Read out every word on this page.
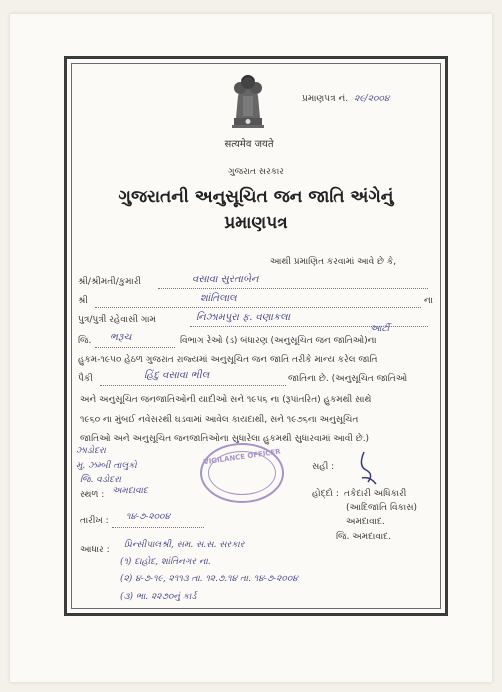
सत्यमेव जयते
પ્રમાણપત્ર નં. ૨૯/૨૦૦૪
ગુજરાત સરકાર
ગુજરાતની અનુસૂચિત જન જાતિ અંગેનું
પ્રમાણપત્ર
આથી પ્રમાણિત કરવામાં આવે છે કે,
શ્રી/શ્રીમતી/કુમારી	વસાવા સુરતાબેન
શ્રી	શાંતિલાલ	ના
પુત્ર/પુત્રી રહેવાસી ગામ	નિઝામપુરા ફ. વણાકલા
જિ. ભરૂચ	વિભાગ રેઓ (ડ) બંધારણ (અનુસૂચિત જન જાતિઓ)ના
આર્ટી
હુકમ-૧૯૫૦ હેઠળ ગુજરાત રાજ્યમાં અનુસૂચિત જન જાતિ તરીકે માન્ય કરેલ જાતિ
પૈકી	હિંદુ વસાવા ભીલ	જાતિના છે. (અનુસૂચિત જાતિઓ
અને અનુસૂચિત જનજાતિઓની યાદીઓ સને ૧૯૫૬ ના (રૂપાંતરિત) હુકમથી સાથે
૧૯૬૦ ના મુંબઈ નવેસરથી ઘડવામાં આવેલ કાયદાથી, સને ૧૯૭૬ના અનુસૂચિત
જાતિઓ અને અનુસૂચિત જનજાતિઓના સુધારેલા હુકમથી સુધારવામાં આવી છે.)
ઝાડોદરા
મુ. ઝમ્બી તાલુકો
જિ. વડોદરા
VIGILANCE OFFICER
સહી :
સ્થળ : અમદાવાદ	હોદ્દો : તકેદારી અધિકારી
(આદિજાતિ વિકાસ)
તારીખ : ૧૪-૭-૨૦૦૪	અમદાવાદ.
જિ. અમદાવાદ.
આધાર : પ્રિન્સીપાલશ્રી, સમ. સ.સ. સરકાર
(૧) દાહોદ, શાંતિનગર ના.
(૨) ૪-૭-૧૯, ૨૧૧૩ તા. ૧૨.૭.૧૪ તા. ૧૪-૭-૨૦૦૪
(૩) ભા. ૨૨૭૦નું કાર્ડ
